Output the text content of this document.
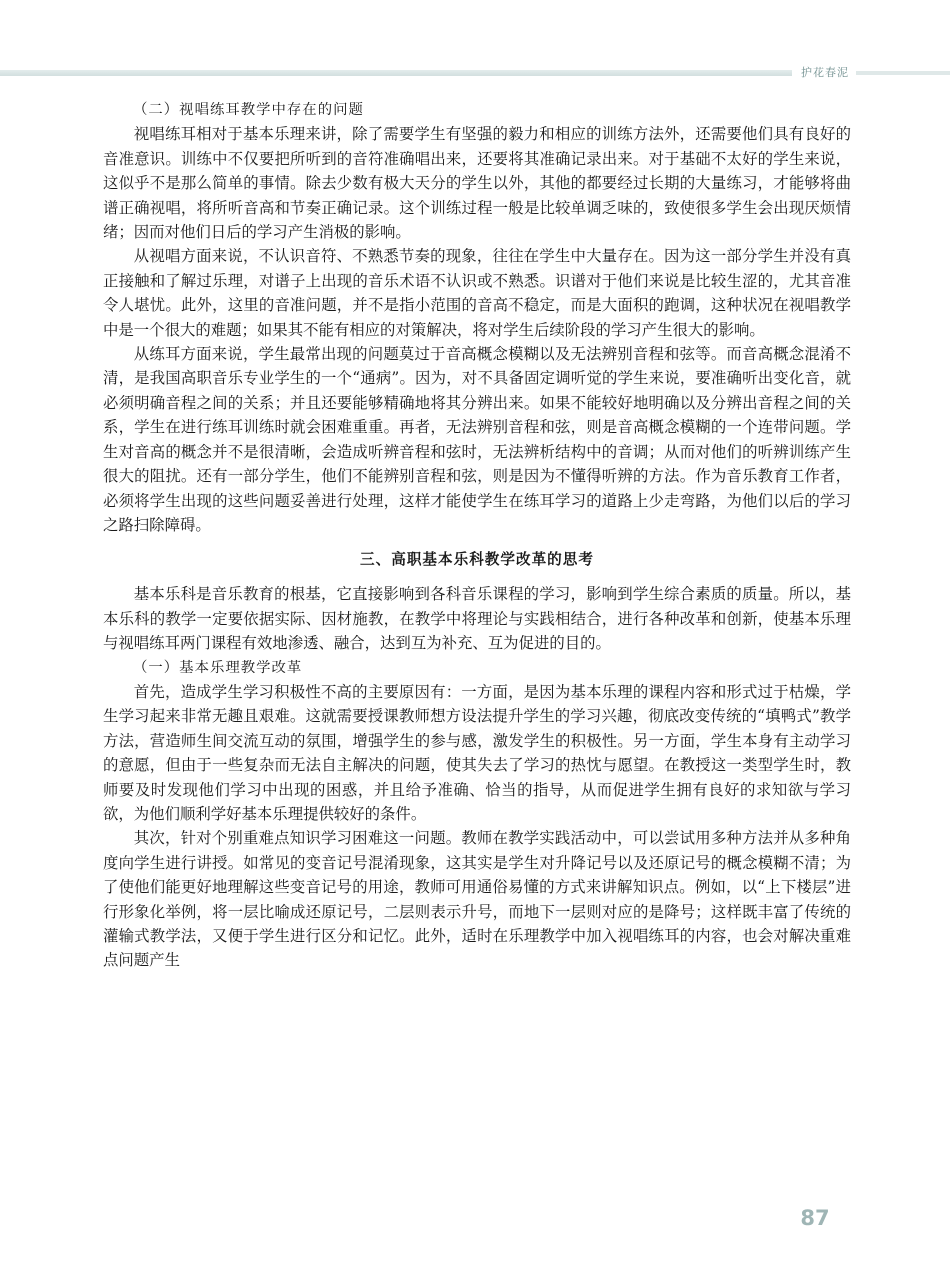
护花春泥
（二）视唱练耳教学中存在的问题

视唱练耳相对于基本乐理来讲，除了需要学生有坚强的毅力和相应的训练方法外，还需要他们具有良好的音准意识。训练中不仅要把所听到的音符准确唱出来，还要将其准确记录出来。对于基础不太好的学生来说，这似乎不是那么简单的事情。除去少数有极大天分的学生以外，其他的都要经过长期的大量练习，才能够将曲谱正确视唱，将所听音高和节奏正确记录。这个训练过程一般是比较单调乏味的，致使很多学生会出现厌烦情绪；因而对他们日后的学习产生消极的影响。

从视唱方面来说，不认识音符、不熟悉节奏的现象，往往在学生中大量存在。因为这一部分学生并没有真正接触和了解过乐理，对谱子上出现的音乐术语不认识或不熟悉。识谱对于他们来说是比较生涩的，尤其音准令人堪忧。此外，这里的音准问题，并不是指小范围的音高不稳定，而是大面积的跑调，这种状况在视唱教学中是一个很大的难题；如果其不能有相应的对策解决，将对学生后续阶段的学习产生很大的影响。

从练耳方面来说，学生最常出现的问题莫过于音高概念模糊以及无法辨别音程和弦等。而音高概念混淆不清，是我国高职音乐专业学生的一个“通病”。因为，对不具备固定调听觉的学生来说，要准确听出变化音，就必须明确音程之间的关系；并且还要能够精确地将其分辨出来。如果不能较好地明确以及分辨出音程之间的关系，学生在进行练耳训练时就会困难重重。再者，无法辨别音程和弦，则是音高概念模糊的一个连带问题。学生对音高的概念并不是很清晰，会造成听辨音程和弦时，无法辨析结构中的音调；从而对他们的听辨训练产生很大的阻扰。还有一部分学生，他们不能辨别音程和弦，则是因为不懂得听辨的方法。作为音乐教育工作者，必须将学生出现的这些问题妥善进行处理，这样才能使学生在练耳学习的道路上少走弯路，为他们以后的学习之路扫除障碍。

三、高职基本乐科教学改革的思考

基本乐科是音乐教育的根基，它直接影响到各科音乐课程的学习，影响到学生综合素质的质量。所以，基本乐科的教学一定要依据实际、因材施教，在教学中将理论与实践相结合，进行各种改革和创新，使基本乐理与视唱练耳两门课程有效地渗透、融合，达到互为补充、互为促进的目的。

（一）基本乐理教学改革

首先，造成学生学习积极性不高的主要原因有：一方面，是因为基本乐理的课程内容和形式过于枯燥，学生学习起来非常无趣且艰难。这就需要授课教师想方设法提升学生的学习兴趣，彻底改变传统的“填鸭式”教学方法，营造师生间交流互动的氛围，增强学生的参与感，激发学生的积极性。另一方面，学生本身有主动学习的意愿，但由于一些复杂而无法自主解决的问题，使其失去了学习的热忱与愿望。在教授这一类型学生时，教师要及时发现他们学习中出现的困惑，并且给予准确、恰当的指导，从而促进学生拥有良好的求知欲与学习欲，为他们顺利学好基本乐理提供较好的条件。

其次，针对个别重难点知识学习困难这一问题。教师在教学实践活动中，可以尝试用多种方法并从多种角度向学生进行讲授。如常见的变音记号混淆现象，这其实是学生对升降记号以及还原记号的概念模糊不清；为了使他们能更好地理解这些变音记号的用途，教师可用通俗易懂的方式来讲解知识点。例如，以“上下楼层”进行形象化举例，将一层比喻成还原记号，二层则表示升号，而地下一层则对应的是降号；这样既丰富了传统的灌输式教学法，又便于学生进行区分和记忆。此外，适时在乐理教学中加入视唱练耳的内容，也会对解决重难点问题产生

87
